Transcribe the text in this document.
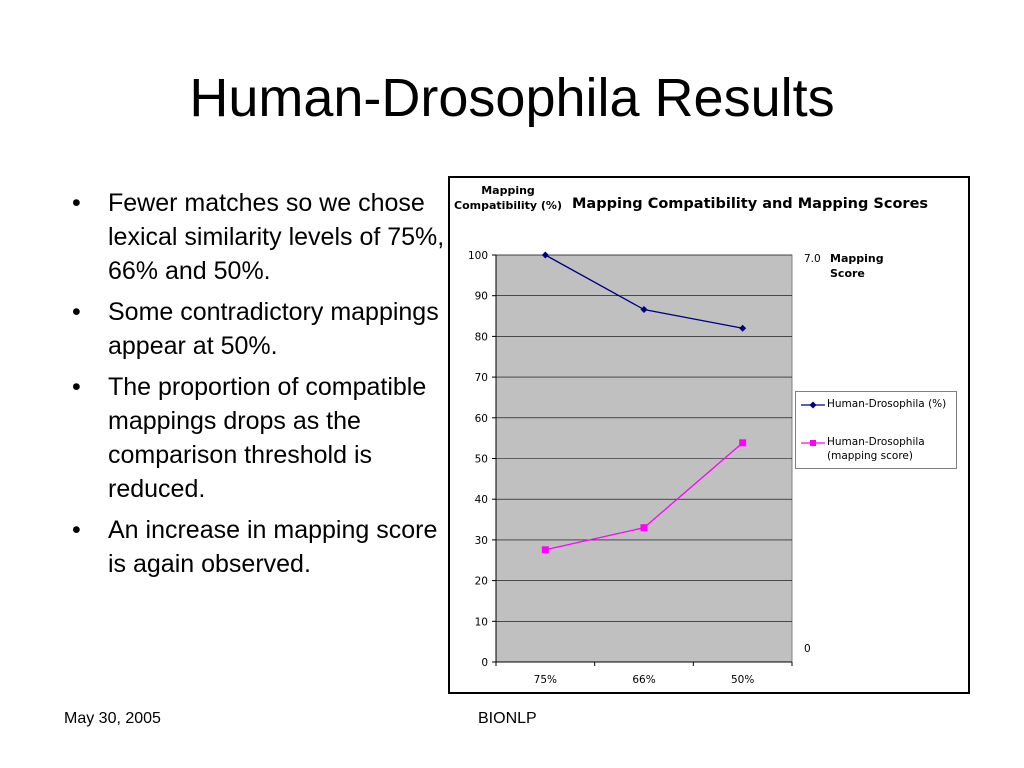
Human-Drosophila Results
• Fewer matches so we chose lexical similarity levels of 75%, 66% and 50%.
• Some contradictory mappings appear at 50%.
• The proportion of compatible mappings drops as the comparison threshold is reduced.
• An increase in mapping score is again observed.
Mapping
Compatibility (%) Mapping Compatibility and Mapping Scores
Mapping
Score
0
10
20
30
40
50
60
70
80
90
100
75%	66%	50%
7.0
0
Human-Drosophila (%)
Human-Drosophila
(mapping score)
May 30, 2005	BIONLP
